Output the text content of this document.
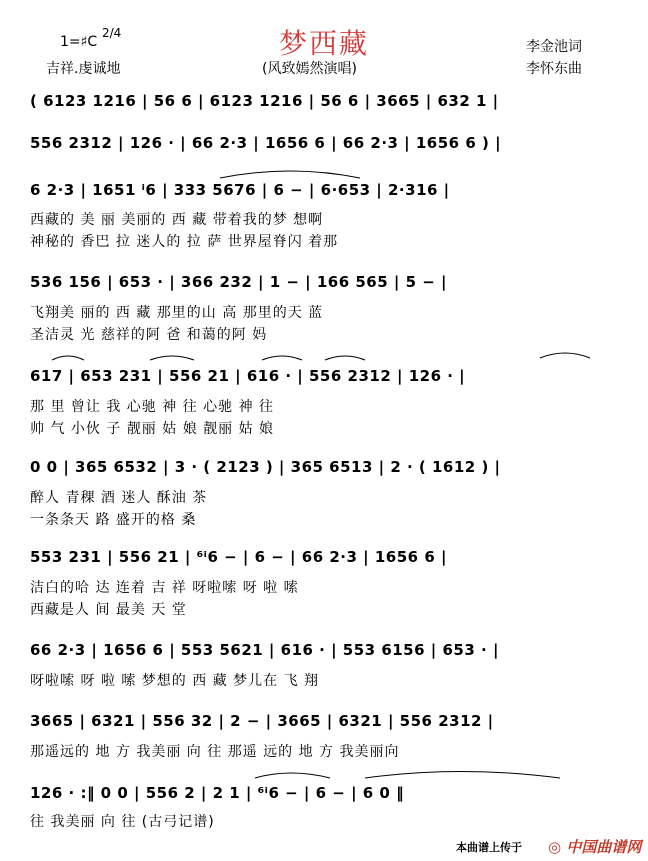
1=♯C
2/4	梦西藏	李金池词
吉祥.虔诚地	(风致嫣然演唱)	李怀东曲
( 6123 1216 | 56 6 | 6123 1216 | 56 6 | 3665 | 632 1 |
556 2312 | 126 · | 66 2·3 | 1656 6 | 66 2·3 | 1656 6 ) |
6 2·3 | 1651 ⁱ6 | 333 5676 | 6 − | 6·653 | 2·316 |
西藏的 美 丽 美丽的 西 藏 带着我的梦 想啊
神秘的 香巴 拉 迷人的 拉 萨 世界屋脊闪 着那
536 156 | 653 · | 366 232 | 1 − | 166 565 | 5 − |
飞翔美 丽的 西 藏 那里的山 高 那里的天 蓝
圣洁灵 光 慈祥的阿 爸 和蔼的阿 妈
617 | 653 231 | 556 21 | 616 · | 556 2312 | 126 · |
那 里 曾让 我 心驰 神 往 心驰 神 往
帅 气 小伙 子 靓丽 姑 娘 靓丽 姑 娘
0 0 | 365 6532 | 3 · ( 2123 ) | 365 6513 | 2 · ( 1612 ) |
醉人 青稞 酒 迷人 酥油 茶
一条条天 路 盛开的格 桑
553 231 | 556 21 | ⁶ⁱ6 − | 6 − | 66 2·3 | 1656 6 |
洁白的哈 达 连着 吉 祥 呀啦嗦 呀 啦 嗦
西藏是人 间 最美 天 堂
66 2·3 | 1656 6 | 553 5621 | 616 · | 553 6156 | 653 · |
呀啦嗦 呀 啦 嗦 梦想的 西 藏 梦儿在 飞 翔
3665 | 6321 | 556 32 | 2 − | 3665 | 6321 | 556 2312 |
那遥远的 地 方 我美丽 向 往 那遥 远的 地 方 我美丽向
126 · :‖ 0 0 | 556 2 | 2 1 | ⁶ⁱ6 − | 6 − | 6 0 ‖
往 我美丽 向 往 (古弓记谱)
本曲谱上传于 ◎ 中国曲谱网
